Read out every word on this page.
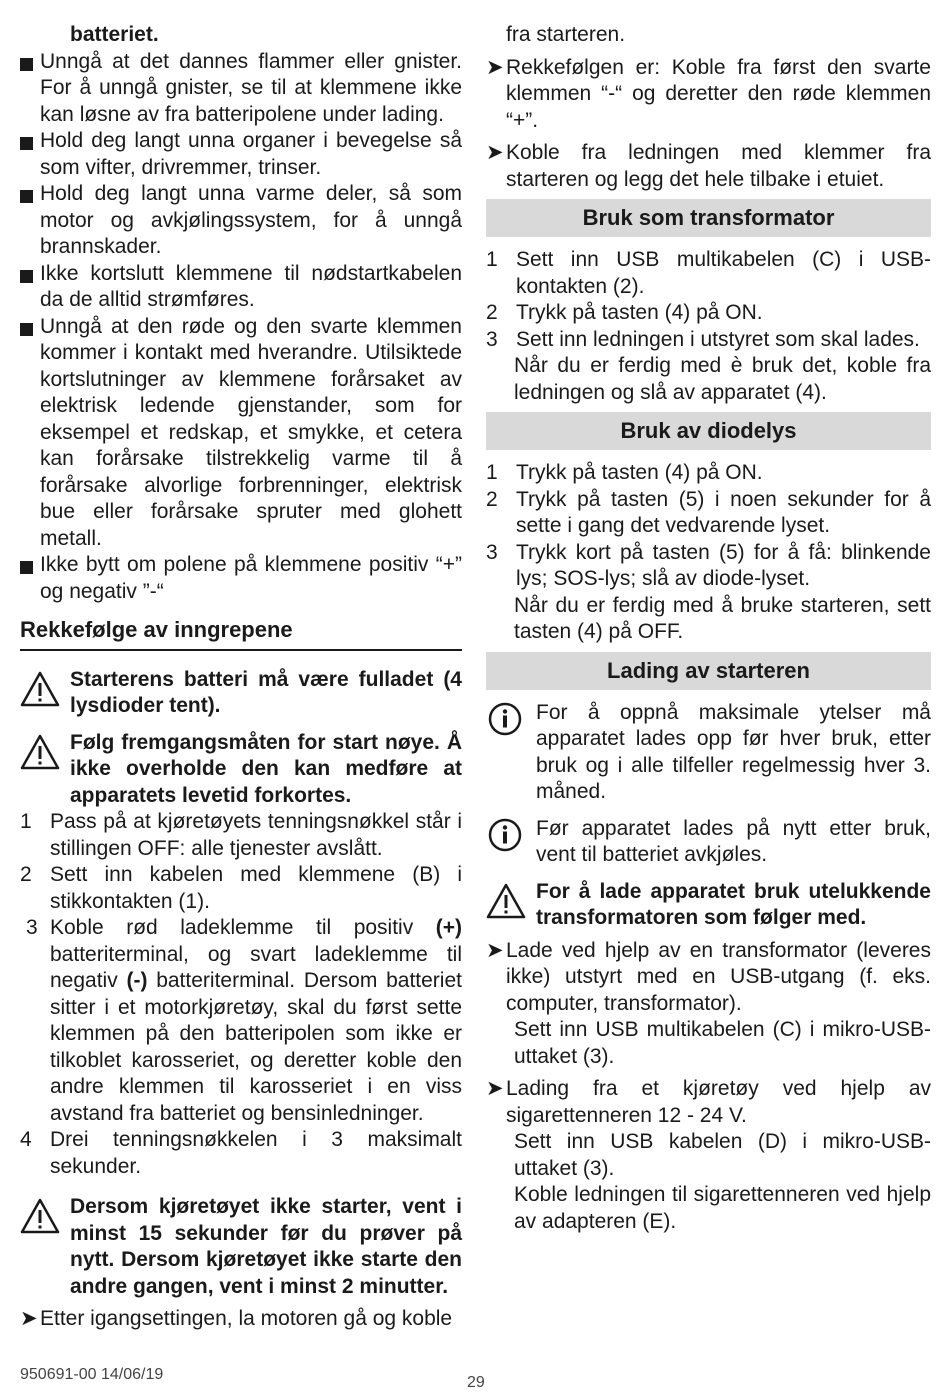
batteriet.

Unngå at det dannes flammer eller gnister. For å unngå gnister, se til at klemmene ikke kan løsne av fra batteripolene under lading.
Hold deg langt unna organer i bevegelse så som vifter, drivremmer, trinser.
Hold deg langt unna varme deler, så som motor og avkjølingssystem, for å unngå brannskader.
Ikke kortslutt klemmene til nødstartkabelen da de alltid strømføres.
Unngå at den røde og den svarte klemmen kommer i kontakt med hverandre. Utilsiktede kortslutninger av klemmene forårsaket av elektrisk ledende gjenstander, som for eksempel et redskap, et smykke, et cetera kan forårsake tilstrekkelig varme til å forårsake alvorlige forbrenninger, elektrisk bue eller forårsake spruter med glohett metall.
Ikke bytt om polene på klemmene positiv “+” og negativ ”-“
Rekkefølge av inngrepene
Starterens batteri må være fulladet (4 lysdioder tent).
Følg fremgangsmåten for start nøye. Å ikke overholde den kan medføre at apparatets levetid forkortes.
1 Pass på at kjøretøyets tenningsnøkkel står i stillingen OFF: alle tjenester avslått.
2 Sett inn kabelen med klemmene (B) i stikkontakten (1).
3 Koble rød ladeklemme til positiv (+) batteriterminal, og svart ladeklemme til negativ (-) batteriterminal. Dersom batteriet sitter i et motorkjøretøy, skal du først sette klemmen på den batteripolen som ikke er tilkoblet karosseriet, og deretter koble den andre klemmen til karosseriet i en viss avstand fra batteriet og bensinledninger.
4 Drei tenningsnøkkelen i 3 maksimalt sekunder.
Dersom kjøretøyet ikke starter, vent i minst 15 sekunder før du prøver på nytt. Dersom kjøretøyet ikke starte den andre gangen, vent i minst 2 minutter.
➤ Etter igangsettingen, la motoren gå og koble

fra starteren.

➤ Rekkefølgen er: Koble fra først den svarte klemmen “-“ og deretter den røde klemmen “+”.
➤ Koble fra ledningen med klemmer fra starteren og legg det hele tilbake i etuiet.
Bruk som transformator
1 Sett inn USB multikabelen (C) i USB-kontakten (2).
2 Trykk på tasten (4) på ON.
3 Sett inn ledningen i utstyret som skal lades.

Når du er ferdig med è bruk det, koble fra ledningen og slå av apparatet (4).

Bruk av diodelys
1 Trykk på tasten (4) på ON.
2 Trykk på tasten (5) i noen sekunder for å sette i gang det vedvarende lyset.
3 Trykk kort på tasten (5) for å få: blinkende lys; SOS-lys; slå av diode-lyset.

Når du er ferdig med å bruke starteren, sett tasten (4) på OFF.

Lading av starteren
For å oppnå maksimale ytelser må apparatet lades opp før hver bruk, etter bruk og i alle tilfeller regelmessig hver 3. måned.
Før apparatet lades på nytt etter bruk, vent til batteriet avkjøles.
For å lade apparatet bruk utelukkende transformatoren som følger med.
➤ Lade ved hjelp av en transformator (leveres ikke) utstyrt med en USB-utgang (f. eks. computer, transformator).

Sett inn USB multikabelen (C) i mikro-USB-uttaket (3).

➤ Lading fra et kjøretøy ved hjelp av sigarettenneren 12 - 24 V.

Sett inn USB kabelen (D) i mikro-USB-uttaket (3).

Koble ledningen til sigarettenneren ved hjelp av adapteren (E).

950691-00 14/06/19	29
